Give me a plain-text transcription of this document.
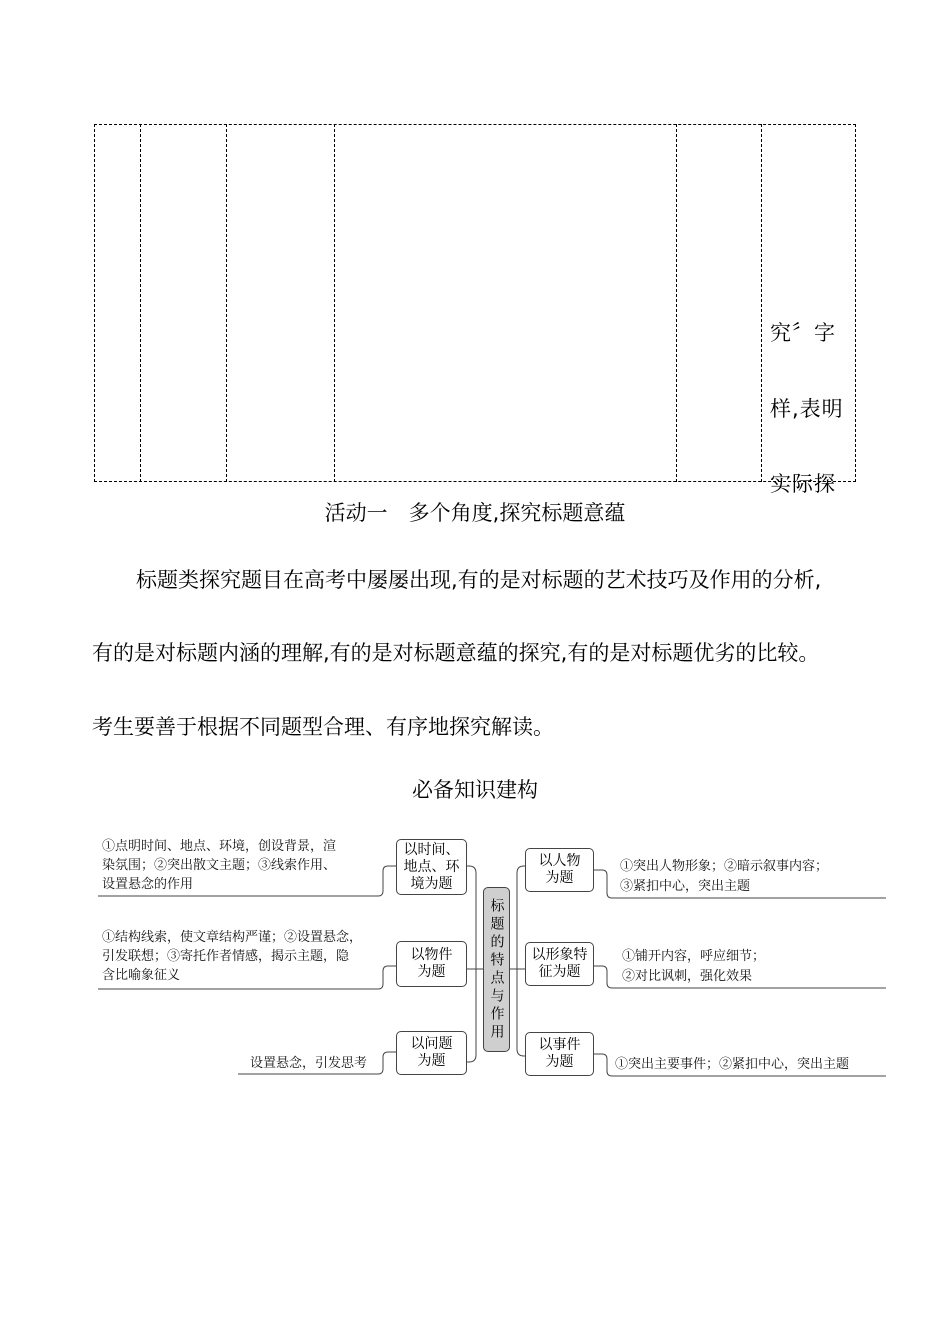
究〞字
样,表明
实际探
活动一　多个角度,探究标题意蕴
标题类探究题目在高考中屡屡出现,有的是对标题的艺术技巧及作用的分析,
有的是对标题内涵的理解,有的是对标题意蕴的探究,有的是对标题优劣的比较。
考生要善于根据不同题型合理、有序地探究解读。
必备知识建构
标题的特点与作用
以时间、
地点、环
境为题
以物件
为题
以问题
为题
以人物
为题
以形象特
征为题
以事件
为题
①点明时间、地点、环境，创设背景，渲
染氛围；②突出散文主题；③线索作用、
设置悬念的作用
①结构线索，使文章结构严谨；②设置悬念，
引发联想；③寄托作者情感，揭示主题，隐
含比喻象征义
设置悬念，引发思考
①突出人物形象；②暗示叙事内容；
③紧扣中心，突出主题
①铺开内容，呼应细节；
②对比讽刺，强化效果
①突出主要事件；②紧扣中心，突出主题
